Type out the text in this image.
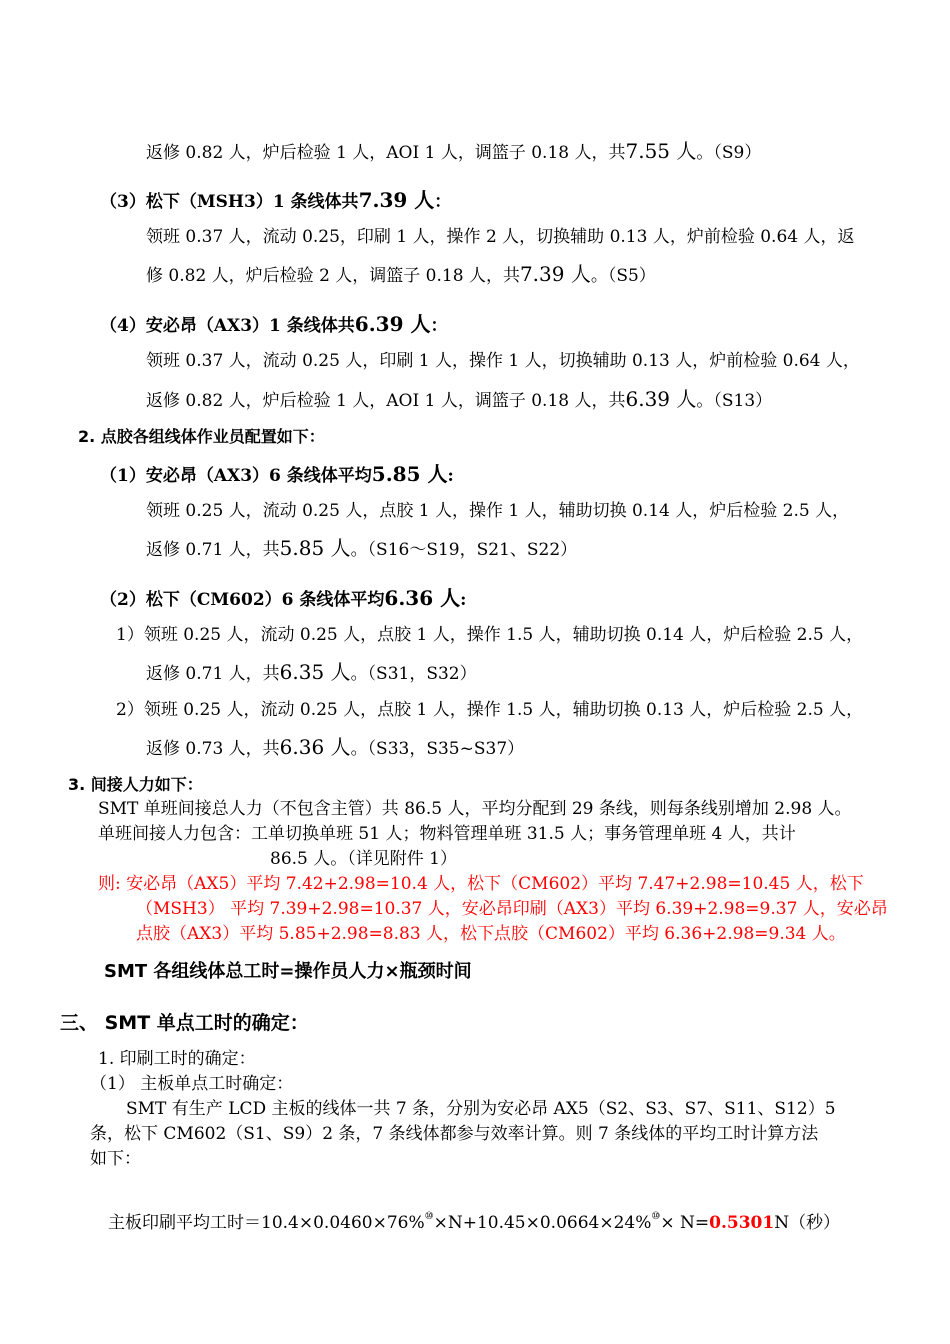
返修 0.82 人，炉后检验 1 人，AOI 1 人，调篮子 0.18 人，共7.55 人。（S9）
（3）松下（MSH3）1 条线体共7.39 人：
领班 0.37 人，流动 0.25，印刷 1 人，操作 2 人，切换辅助 0.13 人，炉前检验 0.64 人，返
修 0.82 人，炉后检验 2 人，调篮子 0.18 人，共7.39 人。（S5）
（4）安必昂（AX3）1 条线体共6.39 人：
领班 0.37 人，流动 0.25 人，印刷 1 人，操作 1 人，切换辅助 0.13 人，炉前检验 0.64 人，
返修 0.82 人，炉后检验 1 人，AOI 1 人，调篮子 0.18 人，共6.39 人。（S13）
2. 点胶各组线体作业员配置如下：
（1）安必昂（AX3）6 条线体平均5.85 人:
领班 0.25 人，流动 0.25 人，点胶 1 人，操作 1 人，辅助切换 0.14 人，炉后检验 2.5 人，
返修 0.71 人，共5.85 人。（S16～S19，S21、S22）
（2）松下（CM602）6 条线体平均6.36 人:
1）领班 0.25 人，流动 0.25 人，点胶 1 人，操作 1.5 人，辅助切换 0.14 人，炉后检验 2.5 人，
返修 0.71 人，共6.35 人。（S31，S32）
2）领班 0.25 人，流动 0.25 人，点胶 1 人，操作 1.5 人，辅助切换 0.13 人，炉后检验 2.5 人，
返修 0.73 人，共6.36 人。（S33，S35~S37）
3. 间接人力如下：
SMT 单班间接总人力（不包含主管）共 86.5 人，平均分配到 29 条线，则每条线别增加 2.98 人。
单班间接人力包含：工单切换单班 51 人；物料管理单班 31.5 人；事务管理单班 4 人，共计
86.5 人。（详见附件 1）
则: 安必昂（AX5）平均 7.42+2.98=10.4 人，松下（CM602）平均 7.47+2.98=10.45 人，松下
（MSH3） 平均 7.39+2.98=10.37 人，安必昂印刷（AX3）平均 6.39+2.98=9.37 人，安必昂
点胶（AX3）平均 5.85+2.98=8.83 人，松下点胶（CM602）平均 6.36+2.98=9.34 人。
SMT 各组线体总工时=操作员人力×瓶颈时间
三、 SMT 单点工时的确定：
1. 印刷工时的确定：
（1） 主板单点工时确定：
SMT 有生产 LCD 主板的线体一共 7 条，分别为安必昂 AX5（S2、S3、S7、S11、S12）5
条，松下 CM602（S1、S9）2 条，7 条线体都参与效率计算。则 7 条线体的平均工时计算方法
如下：
主板印刷平均工时＝10.4×0.0460×76%⑩×N+10.45×0.0664×24%⑩× N=0.5301N（秒）
